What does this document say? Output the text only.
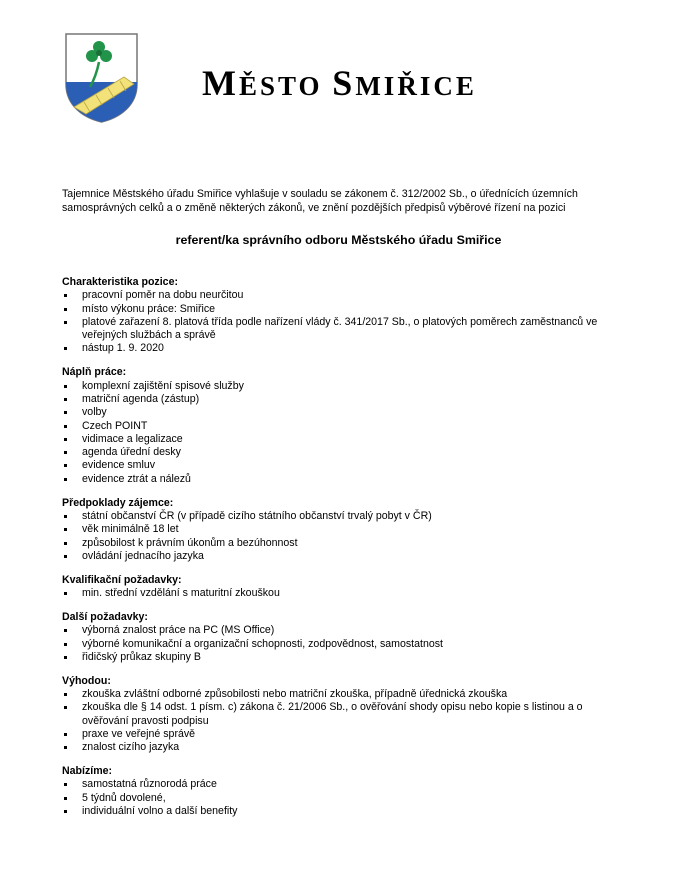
MĚSTO SMIŘICE
Tajemnice Městského úřadu Smiřice vyhlašuje v souladu se zákonem č. 312/2002 Sb., o úřednících územních samosprávných celků a o změně některých zákonů, ve znění pozdějších předpisů výběrové řízení na pozici
referent/ka správního odboru Městského úřadu Smiřice
Charakteristika pozice:
pracovní poměr na dobu neurčitou
místo výkonu práce: Smiřice
platové zařazení 8. platová třída podle nařízení vlády č. 341/2017 Sb., o platových poměrech zaměstnanců ve veřejných službách a správě
nástup 1. 9. 2020
Náplň práce:
komplexní zajištění spisové služby
matriční agenda (zástup)
volby
Czech POINT
vidimace a legalizace
agenda úřední desky
evidence smluv
evidence ztrát a nálezů
Předpoklady zájemce:
státní občanství ČR (v případě cizího státního občanství trvalý pobyt v ČR)
věk minimálně 18 let
způsobilost k právním úkonům a bezúhonnost
ovládání jednacího jazyka
Kvalifikační požadavky:
min. střední vzdělání s maturitní zkouškou
Další požadavky:
výborná znalost práce na PC (MS Office)
výborné komunikační a organizační schopnosti, zodpovědnost, samostatnost
řidičský průkaz skupiny B
Výhodou:
zkouška zvláštní odborné způsobilosti nebo matriční zkouška, případně úřednická zkouška
zkouška dle § 14 odst. 1 písm. c) zákona č. 21/2006 Sb., o ověřování shody opisu nebo kopie s listinou a o ověřování pravosti podpisu
praxe ve veřejné správě
znalost cizího jazyka
Nabízíme:
samostatná různorodá práce
5 týdnů dovolené,
individuální volno a další benefity
